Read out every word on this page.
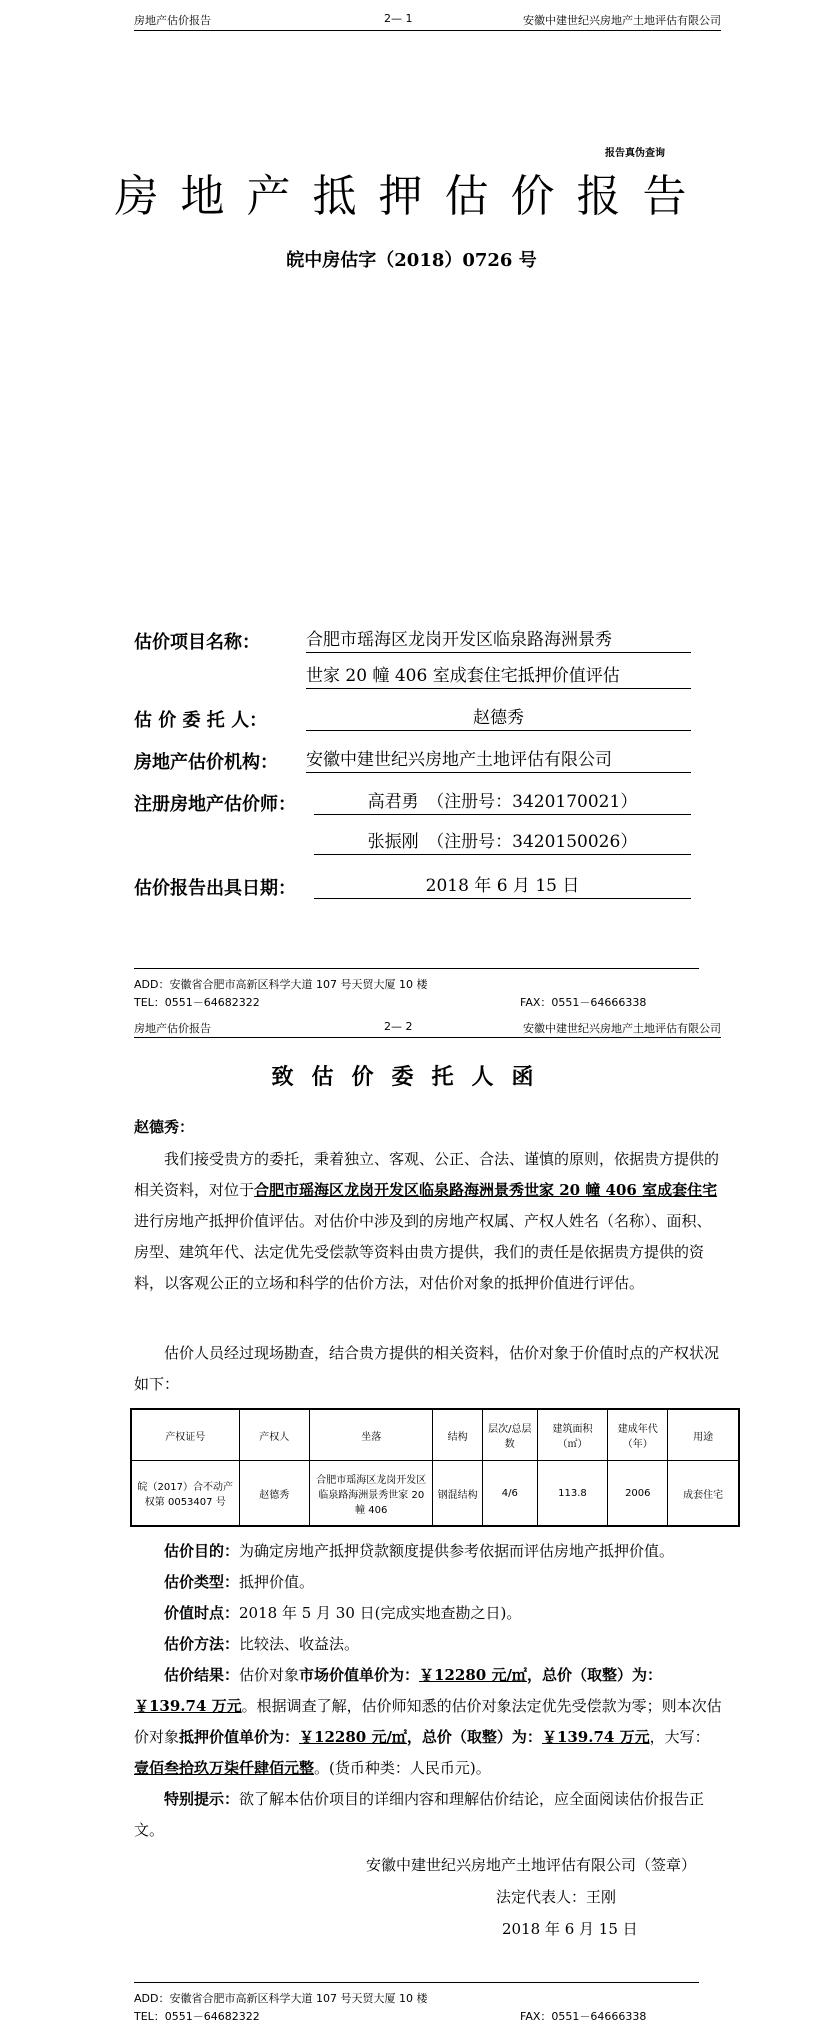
房地产估价报告	2— 1	安徽中建世纪兴房地产土地评估有限公司
报告真伪查询
房地产抵押估价报告
皖中房估字（2018）0726 号
估价项目名称：	合肥市瑶海区龙岗开发区临泉路海洲景秀
世家 20 幢 406 室成套住宅抵押价值评估
估 价 委 托 人：	赵德秀
房地产估价机构： 安徽中建世纪兴房地产土地评估有限公司
注册房地产估价师：	高君勇　（注册号：3420170021）
张振刚　（注册号：3420150026）
估价报告出具日期：	2018 年 6 月 15 日
ADD：安徽省合肥市高新区科学大道 107 号天贸大厦 10 楼
TEL：0551－64682322	FAX：0551－64666338
房地产估价报告	2— 2	安徽中建世纪兴房地产土地评估有限公司
致估价委托人函
赵德秀：
我们接受贵方的委托，秉着独立、客观、公正、合法、谨慎的原则，依据贵方提供的相关资料，对位于合肥市瑶海区龙岗开发区临泉路海洲景秀世家 20 幢 406 室成套住宅进行房地产抵押价值评估。对估价中涉及到的房地产权属、产权人姓名（名称）、面积、房型、建筑年代、法定优先受偿款等资料由贵方提供，我们的责任是依据贵方提供的资料，以客观公正的立场和科学的估价方法，对估价对象的抵押价值进行评估。
估价人员经过现场勘查，结合贵方提供的相关资料，估价对象于价值时点的产权状况如下：
产权证号	产权人	坐落	结构	层次/总层数	建筑面积（㎡）	建成年代（年）	用途
皖（2017）合不动产权第 0053407 号	赵德秀	合肥市瑶海区龙岗开发区临泉路海洲景秀世家 20 幢 406	钢混结构	4/6	113.8	2006	成套住宅
估价目的：为确定房地产抵押贷款额度提供参考依据而评估房地产抵押价值。
估价类型：抵押价值。
价值时点：2018 年 5 月 30 日(完成实地查勘之日)。
估价方法：比较法、收益法。
估价结果：估价对象市场价值单价为：￥12280 元/㎡，总价（取整）为：￥139.74 万元。根据调查了解，估价师知悉的估价对象法定优先受偿款为零；则本次估价对象抵押价值单价为：￥12280 元/㎡，总价（取整）为：￥139.74 万元，大写：壹佰叁拾玖万柒仟肆佰元整。(货币种类：人民币元)。
特别提示：欲了解本估价项目的详细内容和理解估价结论，应全面阅读估价报告正文。
安徽中建世纪兴房地产土地评估有限公司（签章）
法定代表人：王刚
2018 年 6 月 15 日
ADD：安徽省合肥市高新区科学大道 107 号天贸大厦 10 楼
TEL：0551－64682322	FAX：0551－64666338
